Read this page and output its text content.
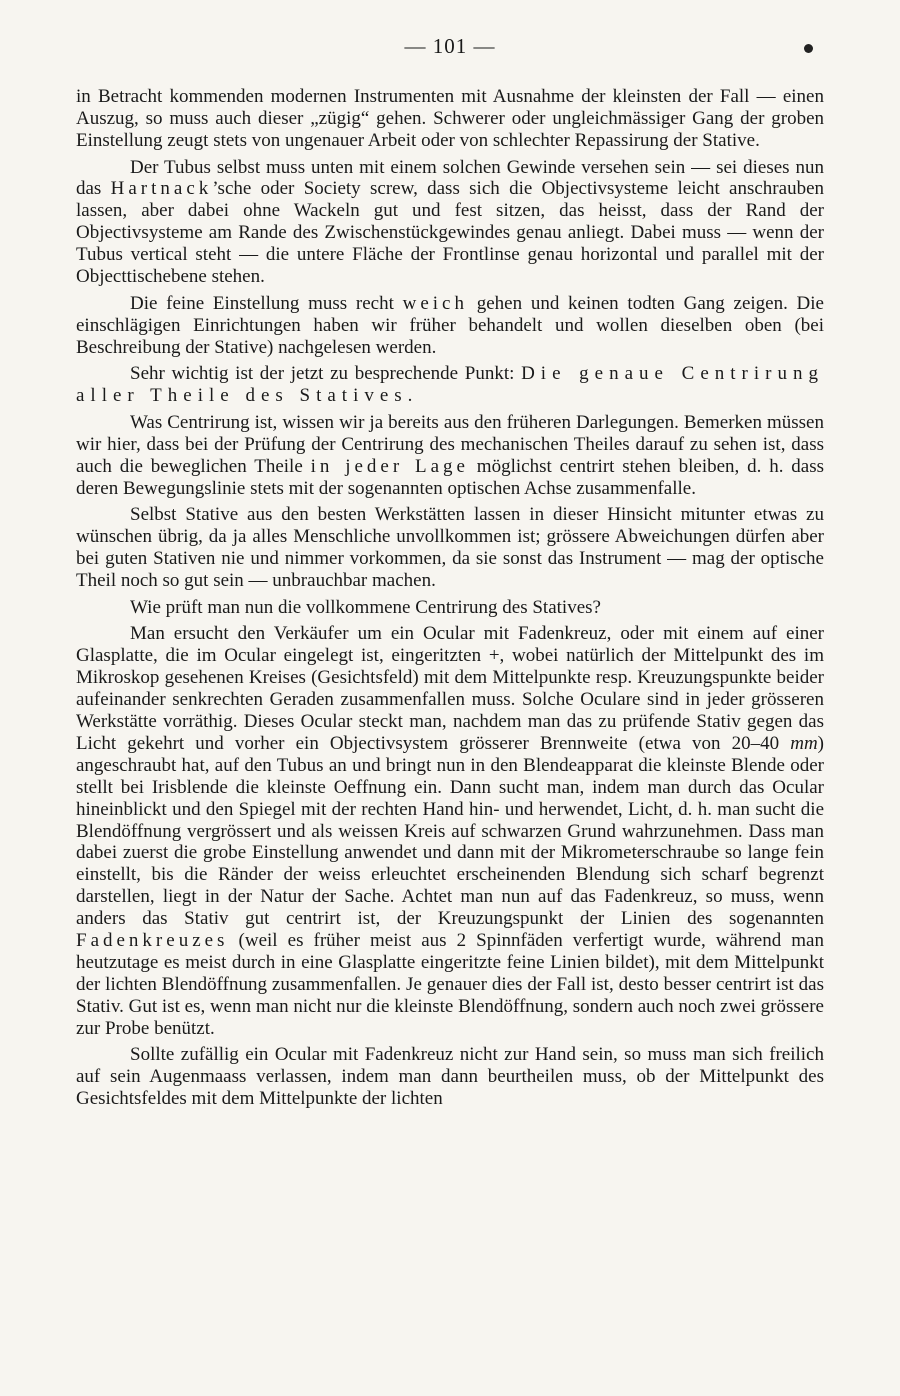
— 101 —

in Betracht kommenden modernen Instrumenten mit Ausnahme der kleinsten der Fall — einen Auszug, so muss auch dieser „zügig“ gehen. Schwerer oder ungleichmässiger Gang der groben Einstellung zeugt stets von ungenauer Arbeit oder von schlechter Repassirung der Stative.

Der Tubus selbst muss unten mit einem solchen Gewinde versehen sein — sei dieses nun das Hartnack’sche oder Society screw, dass sich die Objectivsysteme leicht anschrauben lassen, aber dabei ohne Wackeln gut und fest sitzen, das heisst, dass der Rand der Objectivsysteme am Rande des Zwischenstückgewindes genau anliegt. Dabei muss — wenn der Tubus vertical steht — die untere Fläche der Frontlinse genau horizontal und parallel mit der Objecttischebene stehen.

Die feine Einstellung muss recht weich gehen und keinen todten Gang zeigen. Die einschlägigen Einrichtungen haben wir früher behandelt und wollen dieselben oben (bei Beschreibung der Stative) nachgelesen werden.

Sehr wichtig ist der jetzt zu besprechende Punkt: Die genaue Centrirung aller Theile des Statives.

Was Centrirung ist, wissen wir ja bereits aus den früheren Darlegungen. Bemerken müssen wir hier, dass bei der Prüfung der Centrirung des mechanischen Theiles darauf zu sehen ist, dass auch die beweglichen Theile in jeder Lage möglichst centrirt stehen bleiben, d. h. dass deren Bewegungslinie stets mit der sogenannten optischen Achse zusammenfalle.

Selbst Stative aus den besten Werkstätten lassen in dieser Hinsicht mitunter etwas zu wünschen übrig, da ja alles Menschliche unvollkommen ist; grössere Abweichungen dürfen aber bei guten Stativen nie und nimmer vorkommen, da sie sonst das Instrument — mag der optische Theil noch so gut sein — unbrauchbar machen.

Wie prüft man nun die vollkommene Centrirung des Statives?

Man ersucht den Verkäufer um ein Ocular mit Fadenkreuz, oder mit einem auf einer Glasplatte, die im Ocular eingelegt ist, eingeritzten +, wobei natürlich der Mittelpunkt des im Mikroskop gesehenen Kreises (Gesichtsfeld) mit dem Mittelpunkte resp. Kreuzungspunkte beider aufeinander senkrechten Geraden zusammenfallen muss. Solche Oculare sind in jeder grösseren Werkstätte vorräthig. Dieses Ocular steckt man, nachdem man das zu prüfende Stativ gegen das Licht gekehrt und vorher ein Objectivsystem grösserer Brennweite (etwa von 20–40 mm) angeschraubt hat, auf den Tubus an und bringt nun in den Blendeapparat die kleinste Blende oder stellt bei Irisblende die kleinste Oeffnung ein. Dann sucht man, indem man durch das Ocular hineinblickt und den Spiegel mit der rechten Hand hin- und herwendet, Licht, d. h. man sucht die Blendöffnung vergrössert und als weissen Kreis auf schwarzen Grund wahrzunehmen. Dass man dabei zuerst die grobe Einstellung anwendet und dann mit der Mikrometerschraube so lange fein einstellt, bis die Ränder der weiss erleuchtet erscheinenden Blendung sich scharf begrenzt darstellen, liegt in der Natur der Sache. Achtet man nun auf das Fadenkreuz, so muss, wenn anders das Stativ gut centrirt ist, der Kreuzungspunkt der Linien des sogenannten Fadenkreuzes (weil es früher meist aus 2 Spinnfäden verfertigt wurde, während man heutzutage es meist durch in eine Glasplatte eingeritzte feine Linien bildet), mit dem Mittelpunkt der lichten Blendöffnung zusammenfallen. Je genauer dies der Fall ist, desto besser centrirt ist das Stativ. Gut ist es, wenn man nicht nur die kleinste Blendöffnung, sondern auch noch zwei grössere zur Probe benützt.

Sollte zufällig ein Ocular mit Fadenkreuz nicht zur Hand sein, so muss man sich freilich auf sein Augenmaass verlassen, indem man dann beurtheilen muss, ob der Mittelpunkt des Gesichtsfeldes mit dem Mittelpunkte der lichten
